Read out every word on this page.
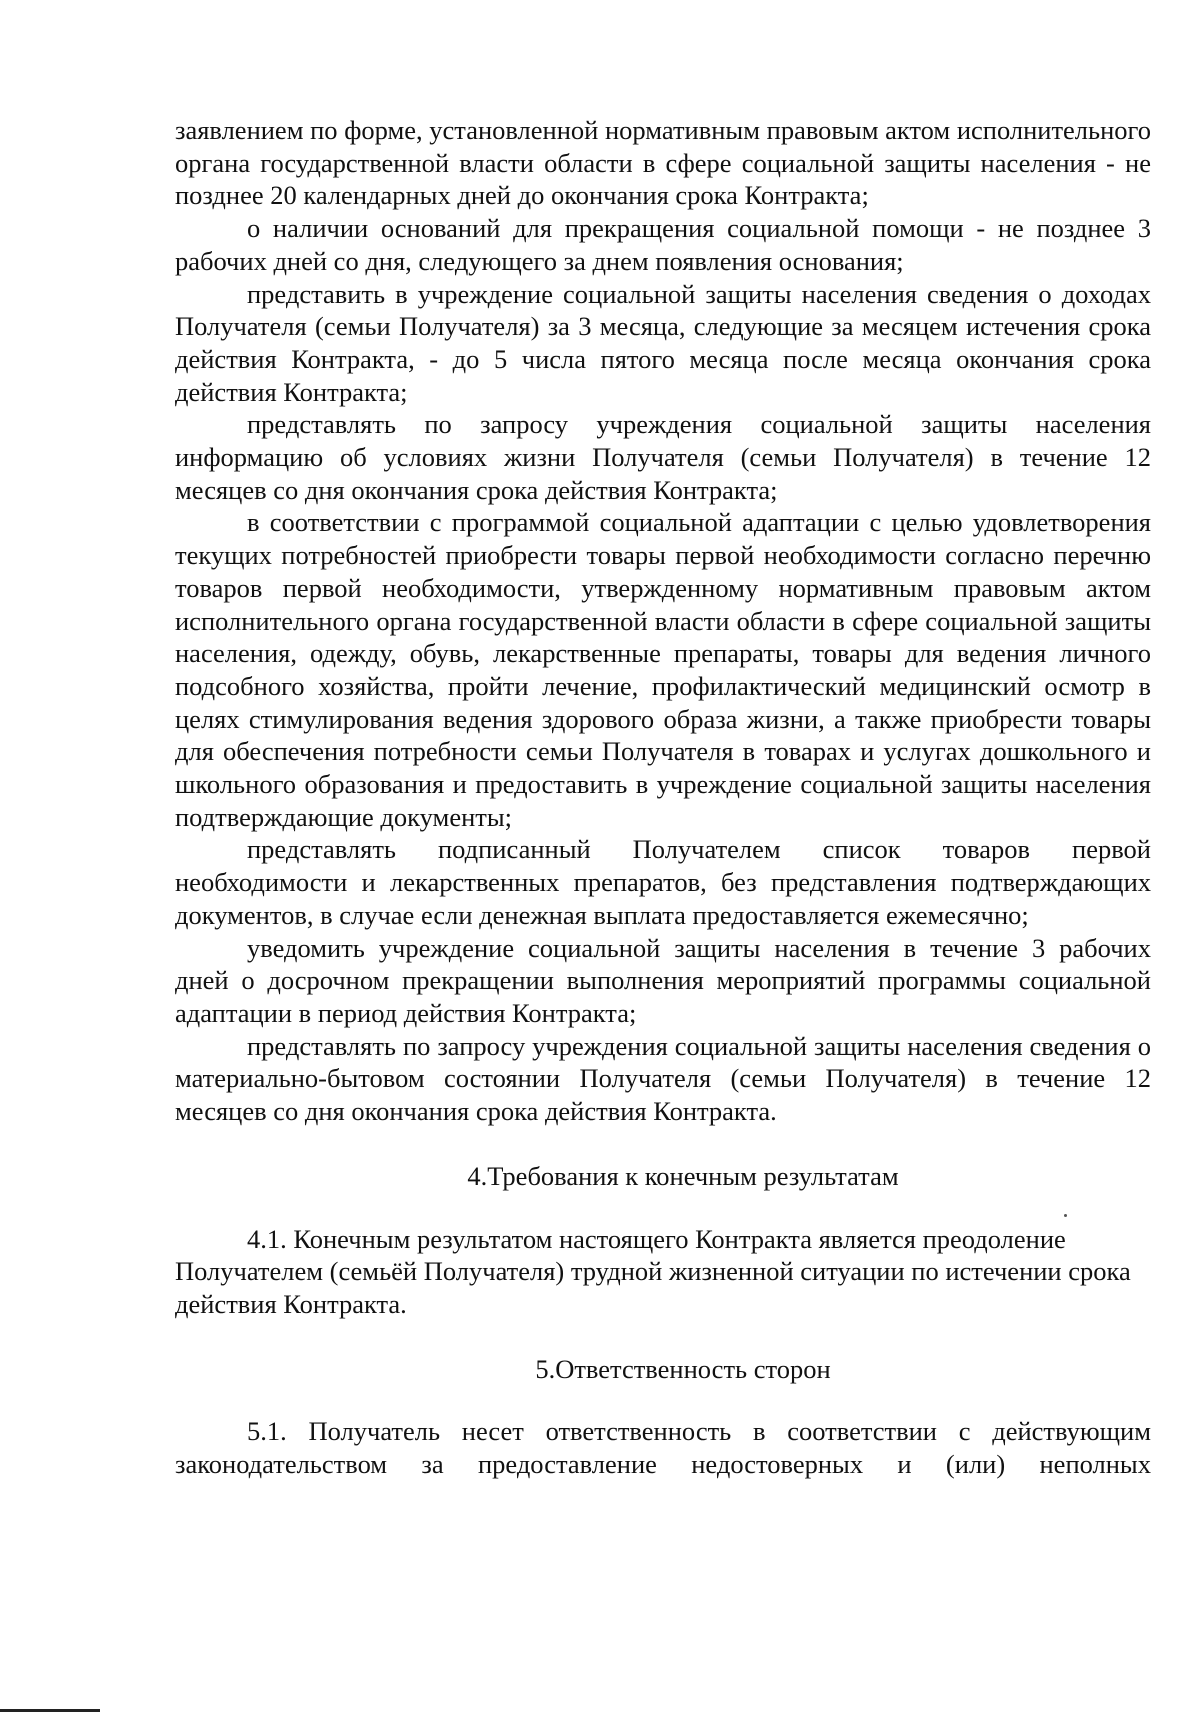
заявлением по форме, установленной нормативным правовым актом исполнительного органа государственной власти области в сфере социальной защиты населения - не позднее 20 календарных дней до окончания срока Контракта;

о наличии оснований для прекращения социальной помощи - не позднее 3 рабочих дней со дня, следующего за днем появления основания;

представить в учреждение социальной защиты населения сведения о доходах Получателя (семьи Получателя) за 3 месяца, следующие за месяцем истечения срока действия Контракта, - до 5 числа пятого месяца после месяца окончания срока действия Контракта;

представлять по запросу учреждения социальной защиты населения информацию об условиях жизни Получателя (семьи Получателя) в течение 12 месяцев со дня окончания срока действия Контракта;

в соответствии с программой социальной адаптации с целью удовлетворения текущих потребностей приобрести товары первой необходимости согласно перечню товаров первой необходимости, утвержденному нормативным правовым актом исполнительного органа государственной власти области в сфере социальной защиты населения, одежду, обувь, лекарственные препараты, товары для ведения личного подсобного хозяйства, пройти лечение, профилактический медицинский осмотр в целях стимулирования ведения здорового образа жизни, а также приобрести товары для обеспечения потребности семьи Получателя в товарах и услугах дошкольного и школьного образования и предоставить в учреждение социальной защиты населения подтверждающие документы;

представлять подписанный Получателем список товаров первой необходимости и лекарственных препаратов, без представления подтверждающих документов, в случае если денежная выплата предоставляется ежемесячно;

уведомить учреждение социальной защиты населения в течение 3 рабочих дней о досрочном прекращении выполнения мероприятий программы социальной адаптации в период действия Контракта;

представлять по запросу учреждения социальной защиты населения сведения о материально-бытовом состоянии Получателя (семьи Получателя) в течение 12 месяцев со дня окончания срока действия Контракта.

4.Требования к конечным результатам

4.1. Конечным результатом настоящего Контракта является преодоление Получателем (семьёй Получателя) трудной жизненной ситуации по истечении срока действия Контракта.

5.Ответственность сторон

5.1. Получатель несет ответственность в соответствии с действующим законодательством за предоставление недостоверных и (или) неполных
